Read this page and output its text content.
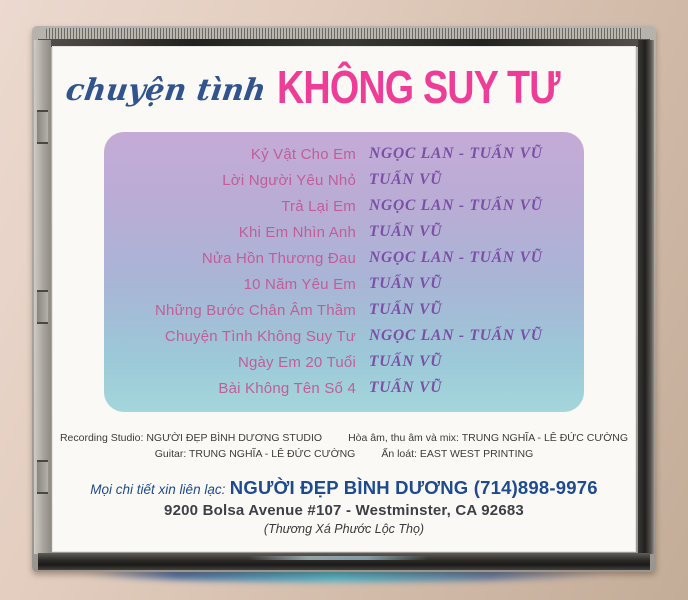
chuyện tình KHÔNG SUY TƯ
Kỷ Vật Cho Em NGỌC LAN - TUẤN VŨ
Lời Người Yêu Nhỏ TUẤN VŨ
Trả Lại Em NGỌC LAN - TUẤN VŨ
Khi Em Nhìn Anh TUẤN VŨ
Nửa Hồn Thương Đau NGỌC LAN - TUẤN VŨ
10 Năm Yêu Em TUẤN VŨ
Những Bước Chân Âm Thầm TUẤN VŨ
Chuyện Tình Không Suy Tư NGỌC LAN - TUẤN VŨ
Ngày Em 20 Tuổi TUẤN VŨ
Bài Không Tên Số 4 TUẤN VŨ
Recording Studio: NGƯỜI ĐẸP BÌNH DƯƠNG STUDIO Hòa âm, thu âm và mix: TRUNG NGHĨA - LÊ ĐỨC CƯỜNG
Guitar: TRUNG NGHĨA - LÊ ĐỨC CƯỜNG Ấn loát: EAST WEST PRINTING
Mọi chi tiết xin liên lạc: NGƯỜI ĐẸP BÌNH DƯƠNG (714)898-9976
9200 Bolsa Avenue #107 - Westminster, CA 92683
(Thương Xá Phước Lộc Thọ)
